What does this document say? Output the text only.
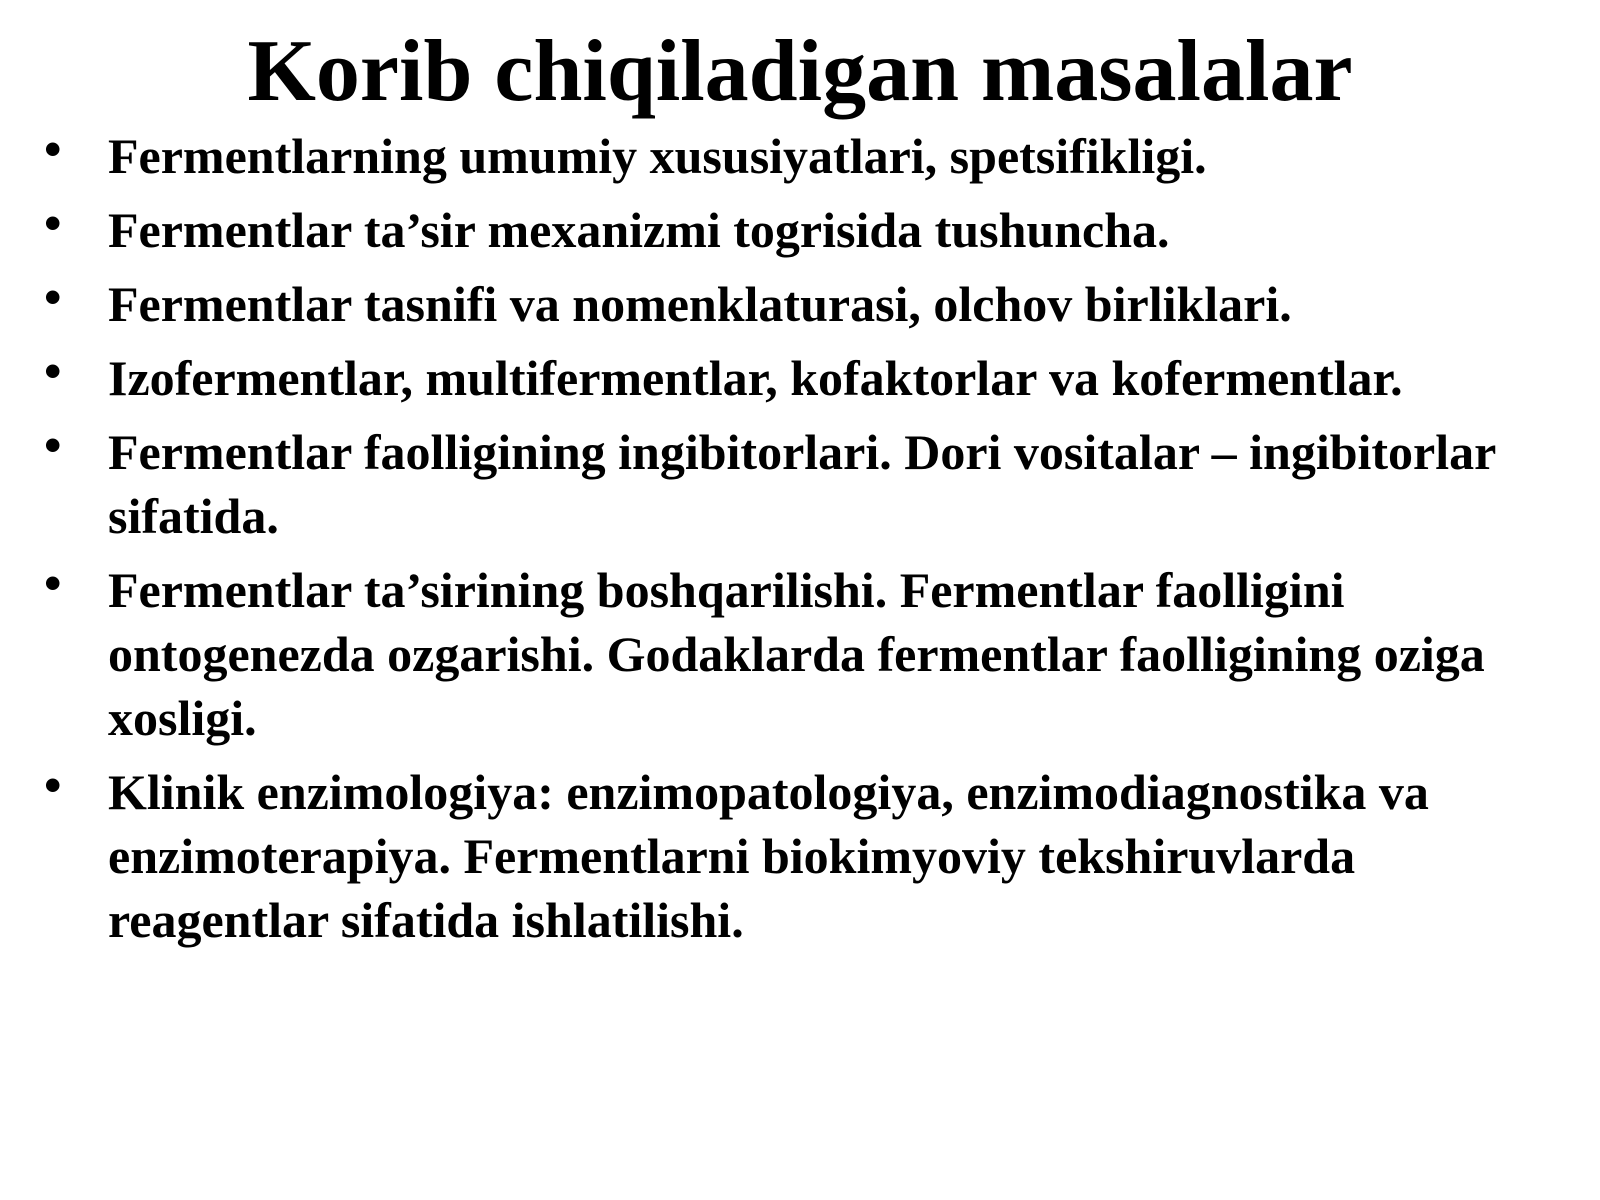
Korib chiqiladigan masalalar
• Fermentlarning umumiy xususiyatlari, spetsifikligi.
• Fermentlar ta’sir mexanizmi togrisida tushuncha.
• Fermentlar tasnifi va nomenklaturasi, olchov birliklari.
• Izofermentlar, multifermentlar, kofaktorlar va kofermentlar.
• Fermentlar faolligining ingibitorlari. Dori vositalar – ingibitorlar sifatida.
• Fermentlar ta’sirining boshqarilishi. Fermentlar faolligini ontogenezda ozgarishi. Godaklarda fermentlar faolligining oziga xosligi.
• Klinik enzimologiya: enzimopatologiya, enzimodiagnostika va enzimoterapiya. Fermentlarni biokimyoviy tekshiruvlarda reagentlar sifatida ishlatilishi.
